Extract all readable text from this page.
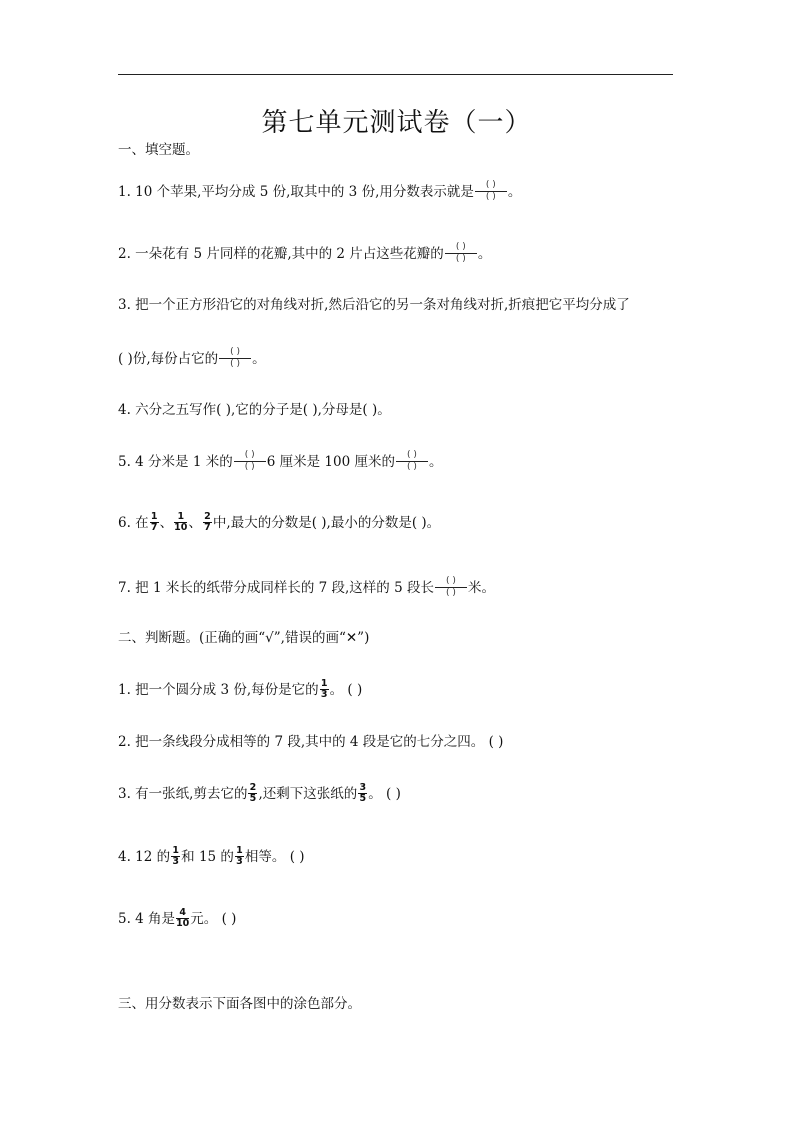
第七单元测试卷（一）
一、填空题。
1. 10 个苹果,平均分成 5 份,取其中的 3 份,用分数表示就是 ( )
( ) 。
2. 一朵花有 5 片同样的花瓣,其中的 2 片占这些花瓣的 ( )
( ) 。
3. 把一个正方形沿它的对角线对折,然后沿它的另一条对角线对折,折痕把它平均分成了
( )份,每份占它的 ( )
( ) 。
4. 六分之五写作( ),它的分子是( ),分母是( )。
5. 4 分米是 1 米的 ( )
( ) 6 厘米是 100 厘米的 ( )
( ) 。
6. 在 $\frac{1}{7}$ 、 $\frac{1}{10}$ 、 $\frac{2}{7}$ 中,最大的分数是( ),最小的分数是( )。
7. 把 1 米长的纸带分成同样长的 7 段,这样的 5 段长 ( )
( ) 米。
二、判断题。(正确的画“√”,错误的画“✕”)
1. 把一个圆分成 3 份,每份是它的 $\frac{1}{3}$ 。 ( )
2. 把一条线段分成相等的 7 段,其中的 4 段是它的七分之四。 ( )
3. 有一张纸,剪去它的 $\frac{2}{5}$ ,还剩下这张纸的 $\frac{3}{5}$ 。 ( )
4. 12 的 $\frac{1}{3}$ 和 15 的 $\frac{1}{3}$ 相等。 ( )
5. 4 角是 $\frac{4}{10}$ 元。 ( )
三、用分数表示下面各图中的涂色部分。
